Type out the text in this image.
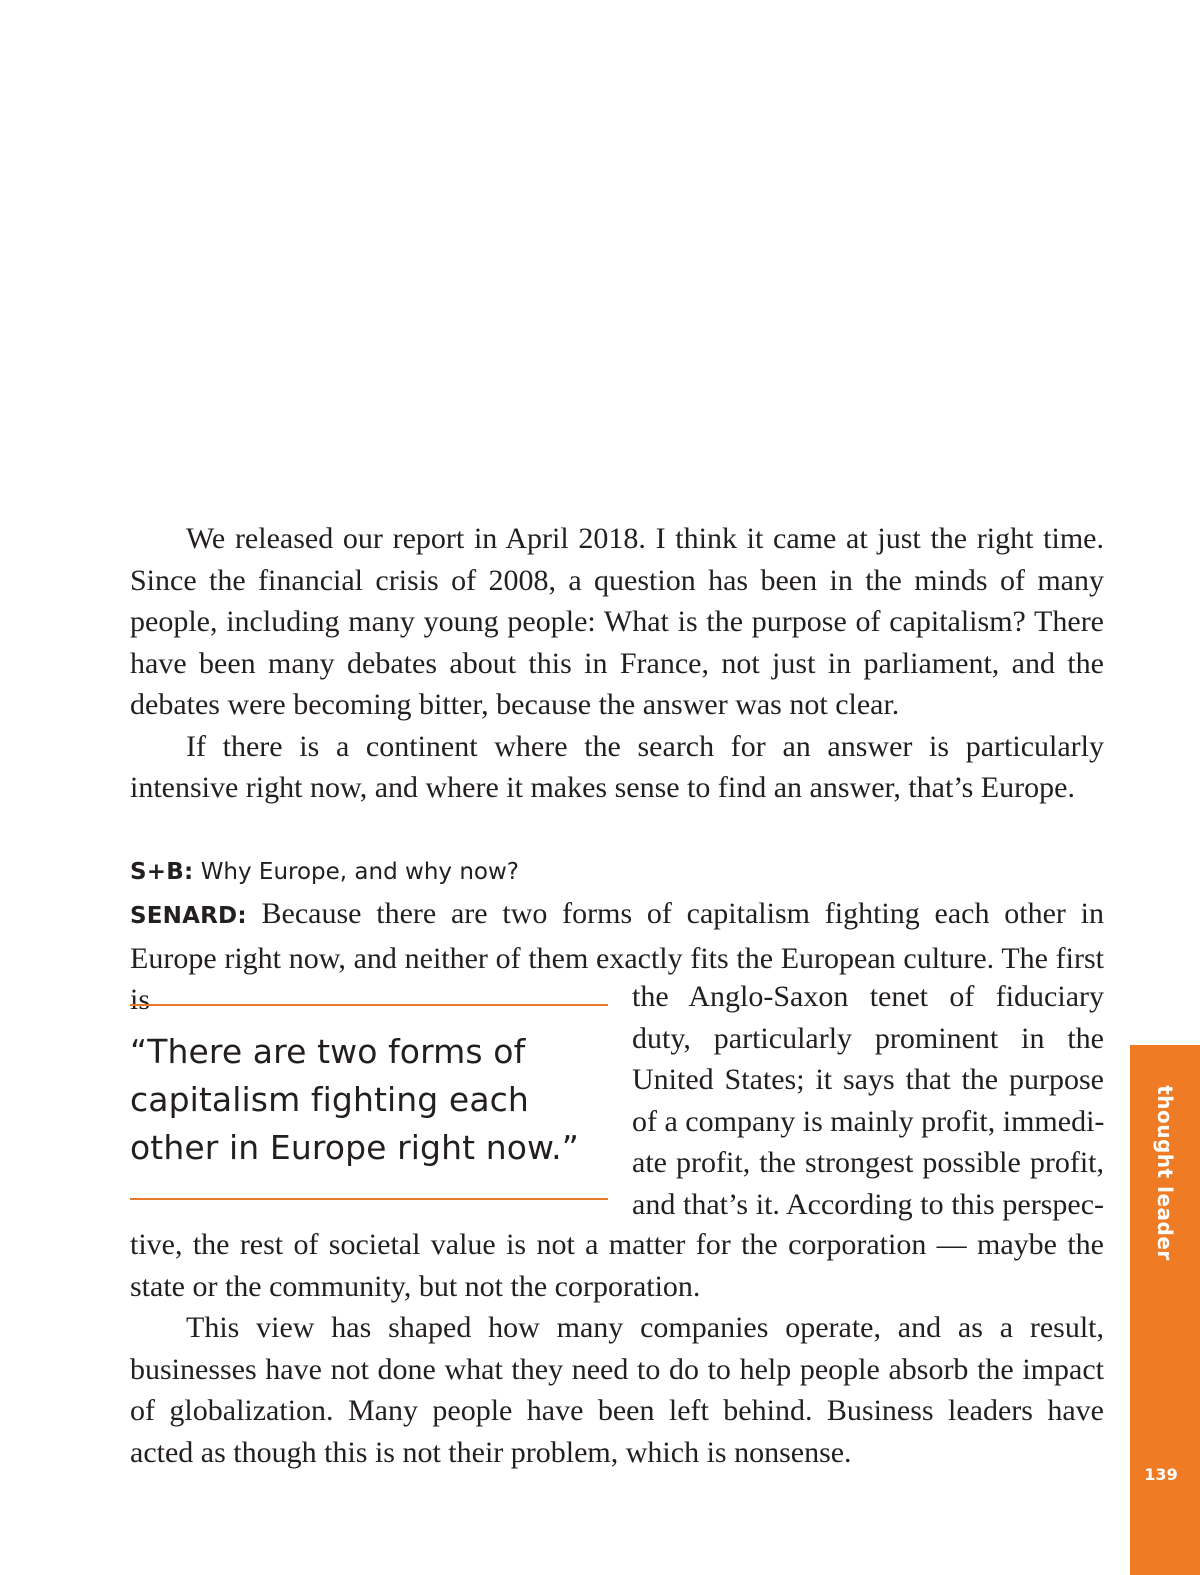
We released our report in April 2018. I think it came at just the right time. Since the financial crisis of 2008, a question has been in the minds of many people, including many young people: What is the purpose of capitalism? There have been many debates about this in France, not just in parliament, and the debates were becoming bitter, because the answer was not clear.

If there is a continent where the search for an answer is particularly intensive right now, and where it makes sense to find an answer, that’s Europe.

S+B: Why Europe, and why now?

SENARD: Because there are two forms of capitalism fighting each other in Europe right now, and neither of them exactly fits the European culture. The first is

“There are two forms of capitalism fighting each other in Europe right now.”
the Anglo-Saxon tenet of fiduciary
duty, particularly prominent in the
United States; it says that the purpose
of a company is mainly profit, immedi-
ate profit, the strongest possible profit,
and that’s it. According to this perspec-

tive, the rest of societal value is not a matter for the corporation — maybe the state or the community, but not the corporation.

This view has shaped how many companies operate, and as a result, businesses have not done what they need to do to help people absorb the impact of globalization. Many people have been left behind. Business leaders have acted as though this is not their problem, which is nonsense.

thought leader
139
